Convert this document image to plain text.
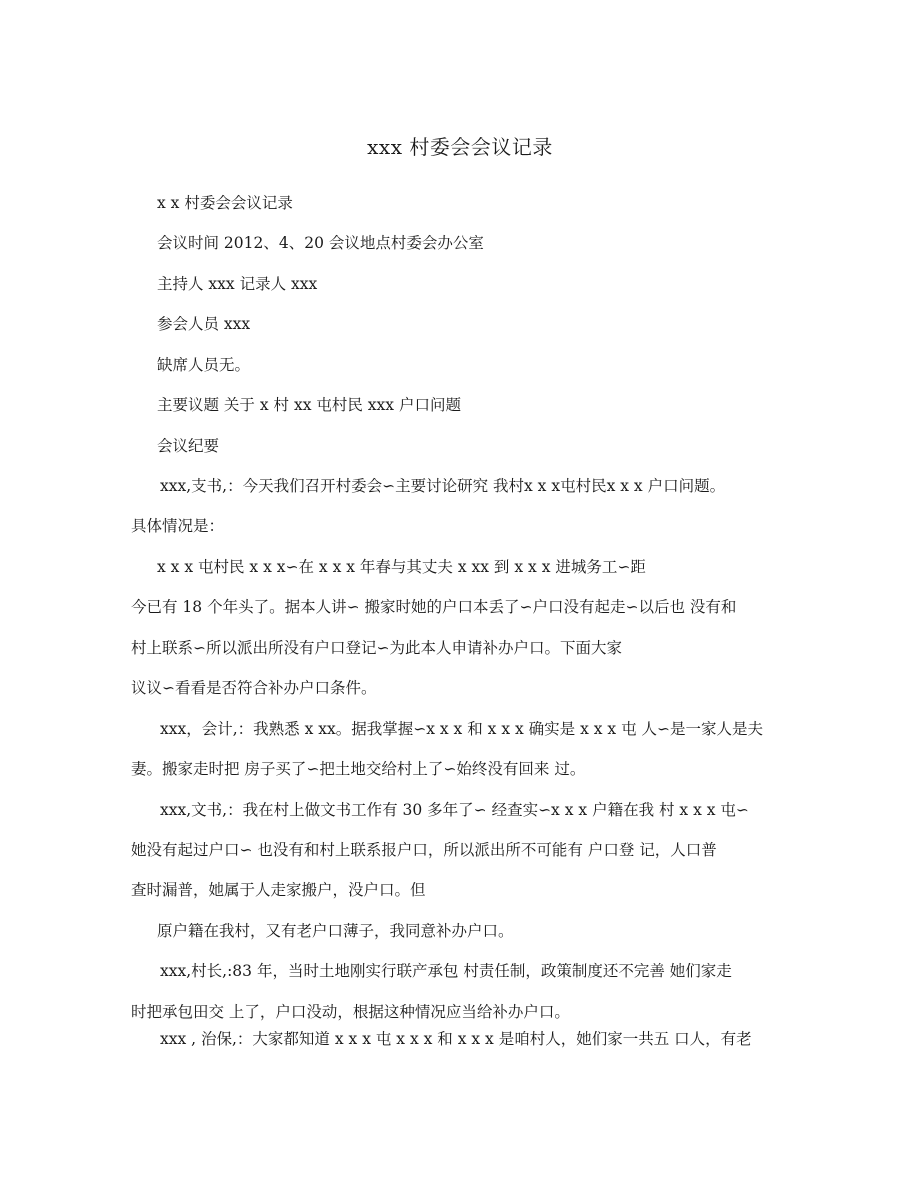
xxx 村委会会议记录
x x 村委会会议记录
会议时间 2012、4、20 会议地点村委会办公室
主持人 xxx 记录人 xxx
参会人员 xxx
缺席人员无。
主要议题 关于 x 村 xx 屯村民 xxx 户口问题
会议纪要
xxx,支书,：今天我们召开村委会∽主要讨论研究 我村x x x屯村民x x x 户口问题。
具体情况是：
x x x 屯村民 x x x∽在 x x x 年春与其丈夫 x xx 到 x x x 进城务工∽距
今已有 18 个年头了。据本人讲∽ 搬家时她的户口本丢了∽户口没有起走∽以后也 没有和
村上联系∽所以派出所没有户口登记∽为此本人申请补办户口。下面大家
议议∽看看是否符合补办户口条件。
xxx，会计,：我熟悉 x xx。据我掌握∽x x x 和 x x x 确实是 x x x 屯 人∽是一家人是夫
妻。搬家走时把 房子买了∽把土地交给村上了∽始终没有回来 过。
xxx,文书,：我在村上做文书工作有 30 多年了∽ 经查实∽x x x 户籍在我 村 x x x 屯∽
她没有起过户口∽ 也没有和村上联系报户口，所以派出所不可能有 户口登 记，人口普
查时漏普，她属于人走家搬户，没户口。但
原户籍在我村，又有老户口薄子，我同意补办户口。
xxx,村长,:83 年，当时土地刚实行联产承包 村责任制，政策制度还不完善 她们家走
时把承包田交 上了，户口没动，根据这种情况应当给补办户口。
xxx , 治保,：大家都知道 x x x 屯 x x x 和 x x x 是咱村人，她们家一共五 口人，有老
